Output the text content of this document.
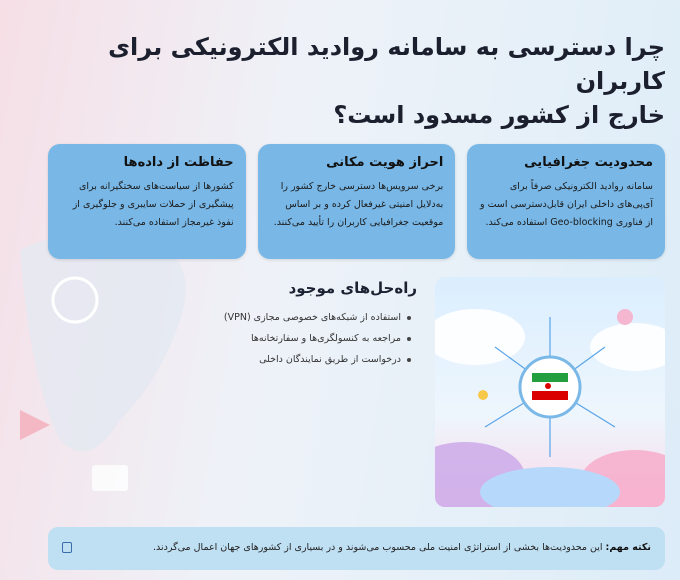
چرا دسترسی به سامانه روادید الکترونیکی برای کاربران
خارج از کشور مسدود است؟
محدودیت جغرافیایی

سامانه روادید الکترونیکی صرفاً برای آی‌پی‌های داخلی ایران قابل‌دسترسی است و از فناوری Geo-blocking استفاده می‌کند.

احراز هویت مکانی

برخی سرویس‌ها دسترسی خارج کشور را به‌دلایل امنیتی غیرفعال کرده و بر اساس موقعیت جغرافیایی کاربران را تأیید می‌کنند.

حفاظت از داده‌ها

کشورها از سیاست‌های سختگیرانه برای پیشگیری از حملات سایبری و جلوگیری از نفوذ غیرمجاز استفاده می‌کنند.

راه‌حل‌های موجود
استفاده از شبکه‌های خصوصی مجازی (VPN)
مراجعه به کنسولگری‌ها و سفارتخانه‌ها
درخواست از طریق نمایندگان داخلی
نکته مهم: این محدودیت‌ها بخشی از استراتژی امنیت ملی محسوب می‌شوند و در بسیاری از کشورهای جهان اعمال می‌گردند.
